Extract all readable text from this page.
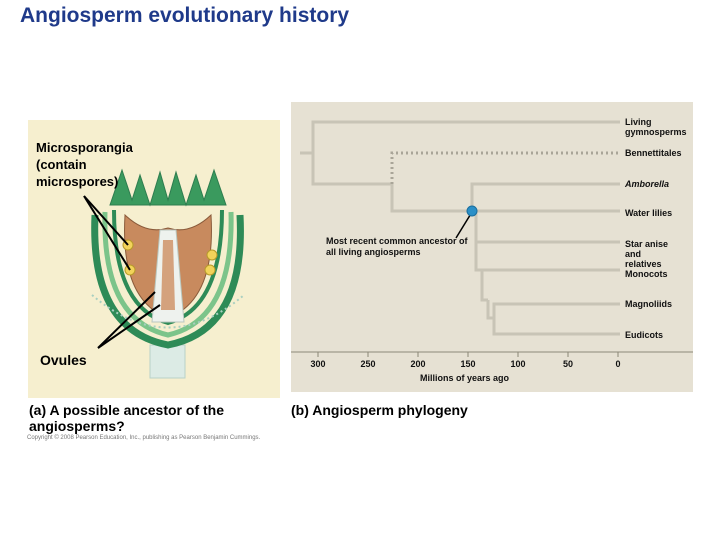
Angiosperm evolutionary history
Microsporangia (contain microspores)
Ovules
Most recent common ancestor of all living angiosperms
Living gymnosperms
Bennettitales
Amborella
Water lilies
Star anise and relatives
Monocots
Magnoliids
Eudicots
300	250	200	150	100	50	0
Millions of years ago
(a) A possible ancestor of the angiosperms?
(b) Angiosperm phylogeny
Copyright © 2008 Pearson Education, Inc., publishing as Pearson Benjamin Cummings.
